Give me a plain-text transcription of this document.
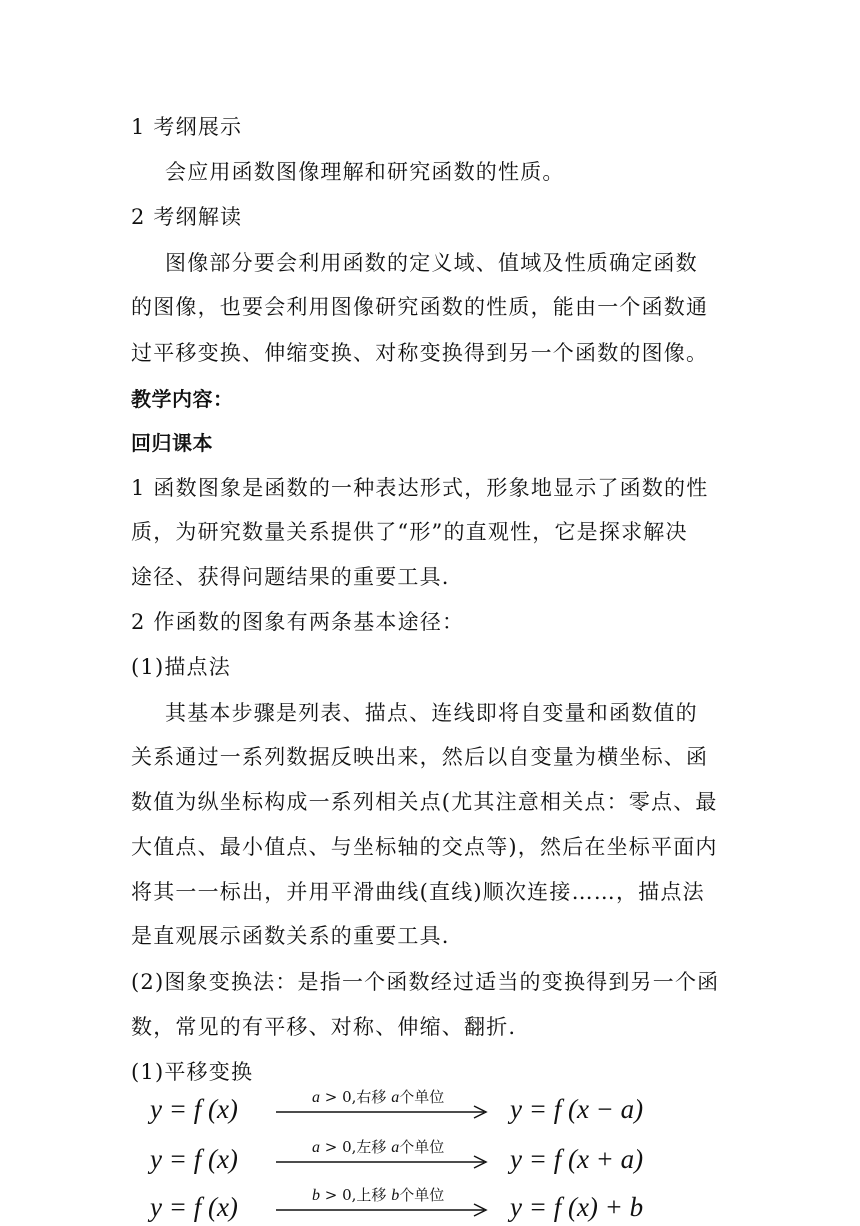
1 考纲展示
会应用函数图像理解和研究函数的性质。
2 考纲解读
图像部分要会利用函数的定义域、值域及性质确定函数
的图像，也要会利用图像研究函数的性质，能由一个函数通
过平移变换、伸缩变换、对称变换得到另一个函数的图像。
教学内容：
回归课本
1 函数图象是函数的一种表达形式，形象地显示了函数的性
质，为研究数量关系提供了“形”的直观性，它是探求解决
途径、获得问题结果的重要工具.
2 作函数的图象有两条基本途径：
(1)描点法
其基本步骤是列表、描点、连线即将自变量和函数值的
关系通过一系列数据反映出来，然后以自变量为横坐标、函
数值为纵坐标构成一系列相关点(尤其注意相关点：零点、最
大值点、最小值点、与坐标轴的交点等)，然后在坐标平面内
将其一一标出，并用平滑曲线(直线)顺次连接……，描点法
是直观展示函数关系的重要工具.
(2)图象变换法：是指一个函数经过适当的变换得到另一个函
数，常见的有平移、对称、伸缩、翻折.
(1)平移变换
y = f (x)	a > 0,右移 a个单位 y = f (x − a)
y = f (x)	a > 0,左移 a个单位 y = f (x + a)
y = f (x)	b > 0,上移 b个单位 y = f (x) + b
